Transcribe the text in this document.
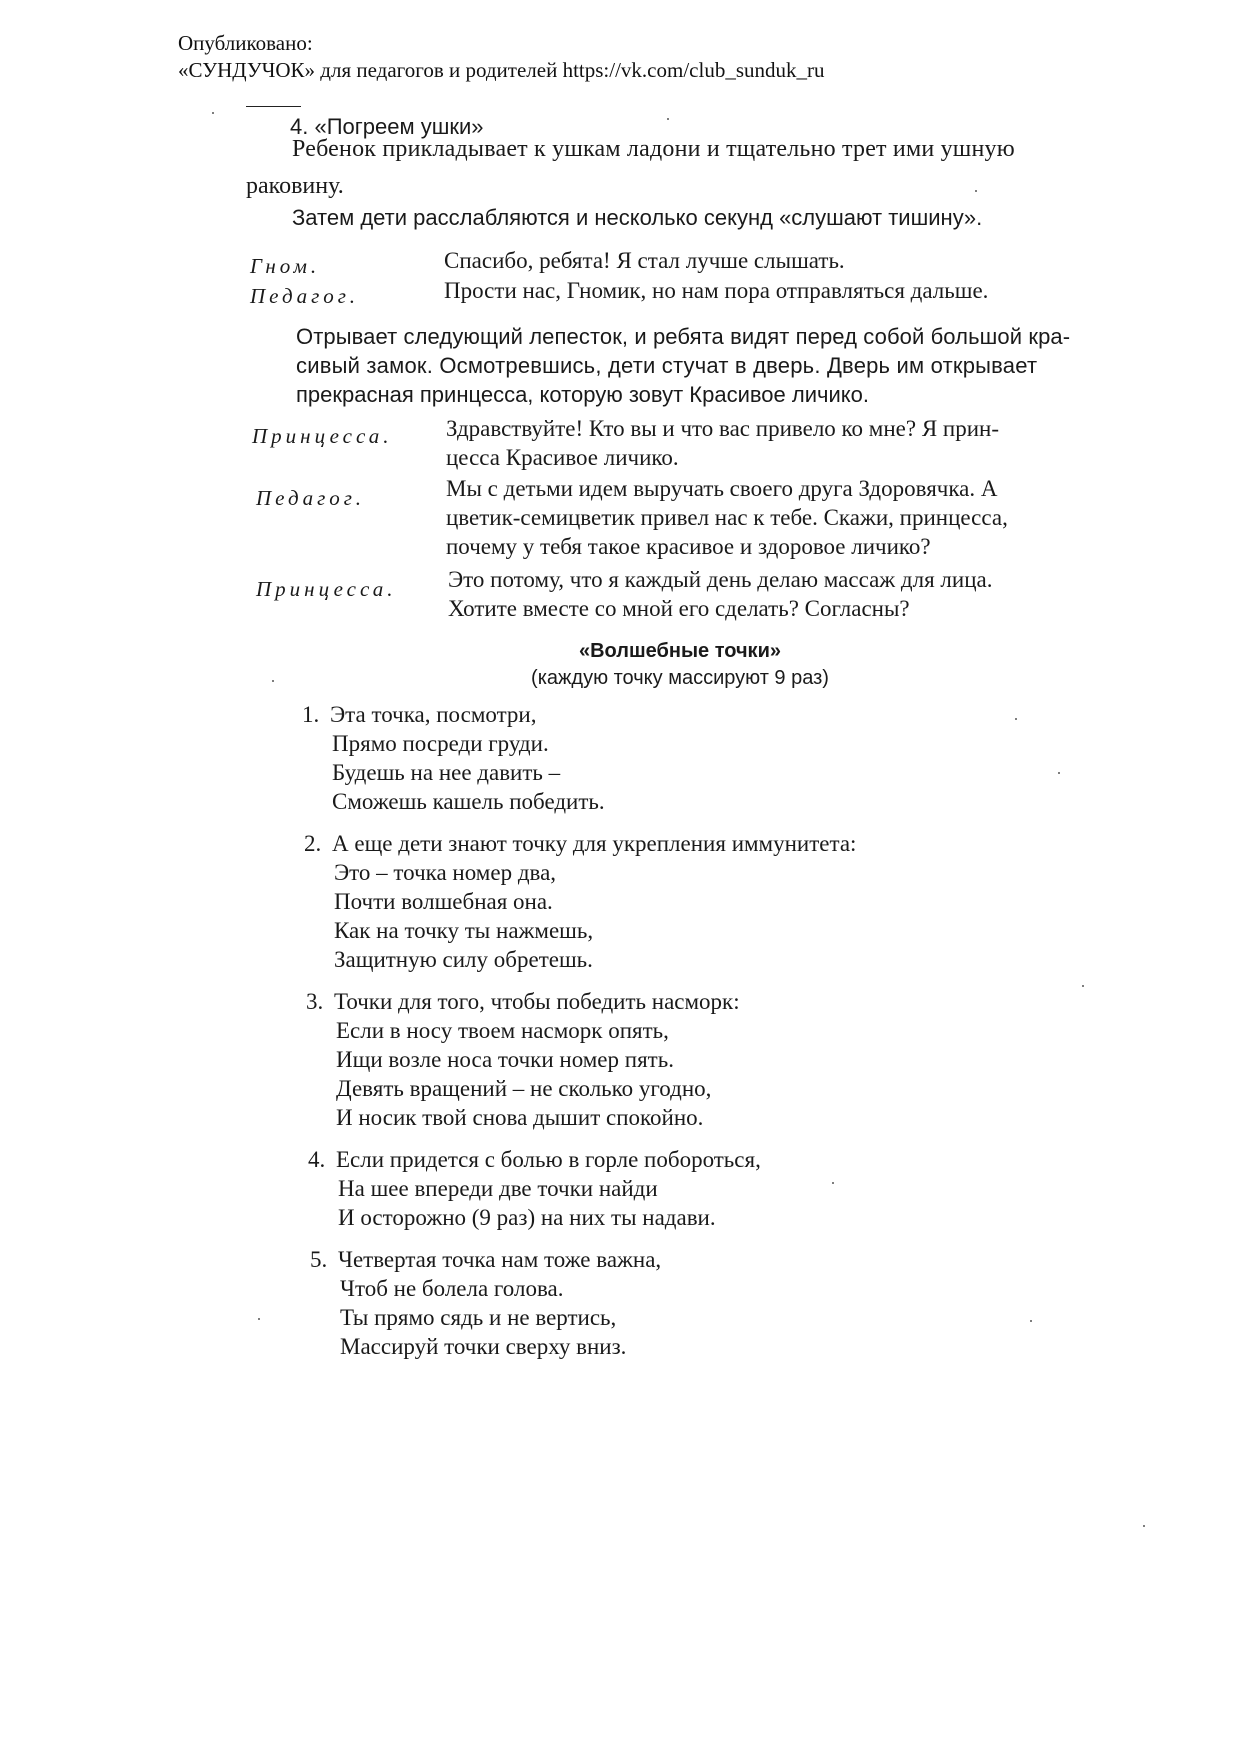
Опубликовано:
«СУНДУЧОК» для педагогов и родителей https://vk.com/club_sunduk_ru
4. «Погреем ушки»
Ребенок прикладывает к ушкам ладони и тщательно трет ими ушную
раковину.
Затем дети расслабляются и несколько секунд «слушают тишину».
Гном.	Спасибо, ребята! Я стал лучше слышать.
Педагог.	Прости нас, Гномик, но нам пора отправляться дальше.
Отрывает следующий лепесток, и ребята видят перед собой большой кра-
сивый замок. Осмотревшись, дети стучат в дверь. Дверь им открывает
прекрасная принцесса, которую зовут Красивое личико.
Принцесса. Здравствуйте! Кто вы и что вас привело ко мне? Я прин-
цесса Красивое личико.
Педагог.	Мы с детьми идем выручать своего друга Здоровячка. А
цветик-семицветик привел нас к тебе. Скажи, принцесса,
почему у тебя такое красивое и здоровое личико?
Принцесса. Это потому, что я каждый день делаю массаж для лица.
Хотите вместе со мной его сделать? Согласны?
«Волшебные точки»
(каждую точку массируют 9 раз)
1. Эта точка, посмотри,
Прямо посреди груди.
Будешь на нее давить –
Сможешь кашель победить.
2. А еще дети знают точку для укрепления иммунитета:
Это – точка номер два,
Почти волшебная она.
Как на точку ты нажмешь,
Защитную силу обретешь.
3. Точки для того, чтобы победить насморк:
Если в носу твоем насморк опять,
Ищи возле носа точки номер пять.
Девять вращений – не сколько угодно,
И носик твой снова дышит спокойно.
4. Если придется с болью в горле побороться,
На шее впереди две точки найди
И осторожно (9 раз) на них ты надави.
5. Четвертая точка нам тоже важна,
Чтоб не болела голова.
Ты прямо сядь и не вертись,
Массируй точки сверху вниз.
